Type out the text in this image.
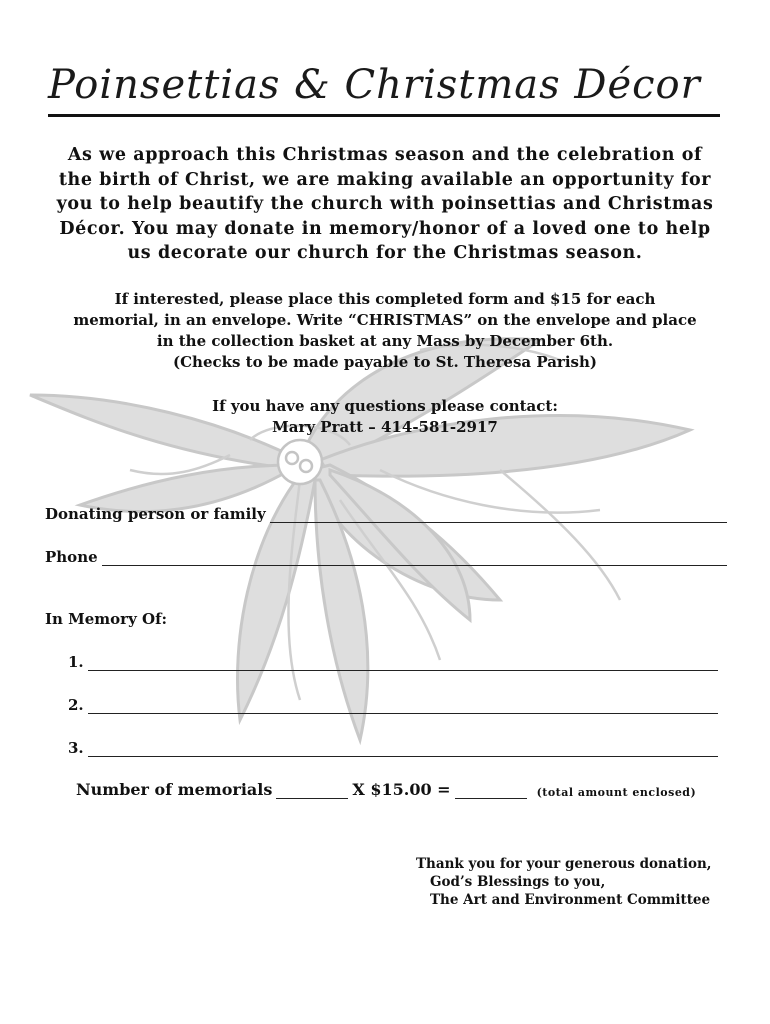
Poinsettias & Christmas Décor
As we approach this Christmas season and the celebration of
the birth of Christ, we are making available an opportunity for
you to help beautify the church with poinsettias and Christmas
Décor. You may donate in memory/honor of a loved one to help
us decorate our church for the Christmas season.
If interested, please place this completed form and $15 for each
memorial, in an envelope. Write “CHRISTMAS” on the envelope and place
in the collection basket at any Mass by December 6th.
(Checks to be made payable to St. Theresa Parish)
If you have any questions please contact:
Mary Pratt – 414-581-2917
Donating person or family
Phone
In Memory Of:
1.
2.
3.
Number of memorials	X $15.00 =	(total amount enclosed)
Thank you for your generous donation,
God’s Blessings to you,
The Art and Environment Committee
